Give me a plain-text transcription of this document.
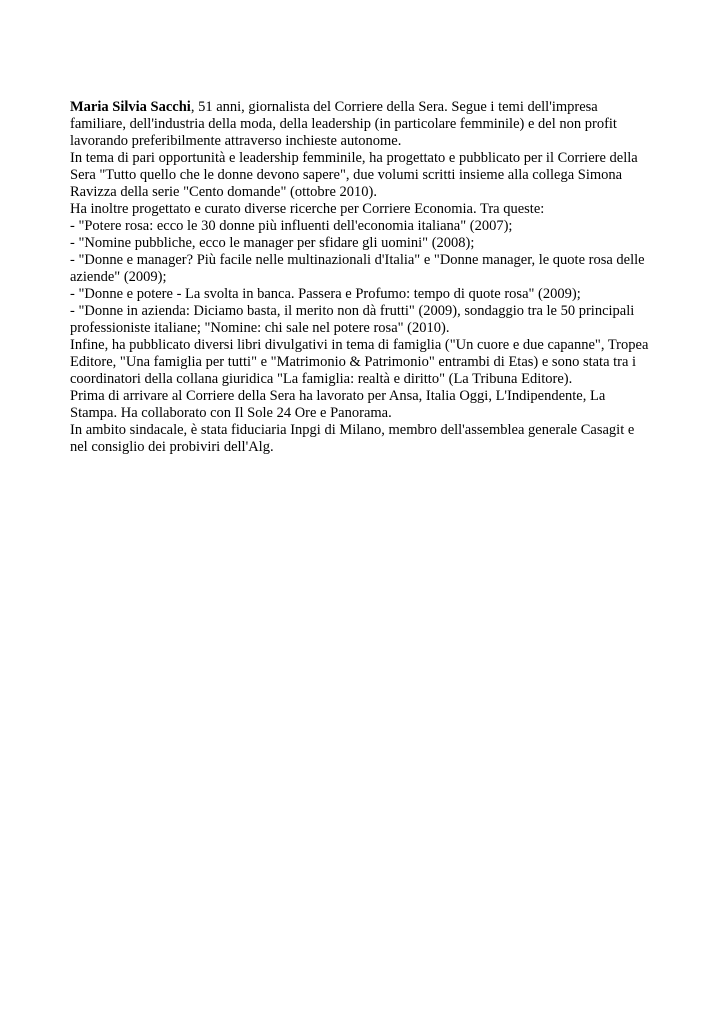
Maria Silvia Sacchi, 51 anni, giornalista del Corriere della Sera. Segue i temi dell'impresa
familiare, dell'industria della moda, della leadership (in particolare femminile) e del non profit
lavorando preferibilmente attraverso inchieste autonome.
In tema di pari opportunità e leadership femminile, ha progettato e pubblicato per il Corriere della
Sera "Tutto quello che le donne devono sapere", due volumi scritti insieme alla collega Simona
Ravizza della serie "Cento domande" (ottobre 2010).
Ha inoltre progettato e curato diverse ricerche per Corriere Economia. Tra queste:
- "Potere rosa: ecco le 30 donne più influenti dell'economia italiana" (2007);
- "Nomine pubbliche, ecco le manager per sfidare gli uomini" (2008);
- "Donne e manager? Più facile nelle multinazionali d'Italia" e "Donne manager, le quote rosa delle
aziende" (2009);
- "Donne e potere - La svolta in banca. Passera e Profumo: tempo di quote rosa" (2009);
- "Donne in azienda: Diciamo basta, il merito non dà frutti" (2009), sondaggio tra le 50 principali
professioniste italiane; "Nomine: chi sale nel potere rosa" (2010).
Infine, ha pubblicato diversi libri divulgativi in tema di famiglia ("Un cuore e due capanne", Tropea
Editore, "Una famiglia per tutti" e "Matrimonio & Patrimonio" entrambi di Etas) e sono stata tra i
coordinatori della collana giuridica "La famiglia: realtà e diritto" (La Tribuna Editore).
Prima di arrivare al Corriere della Sera ha lavorato per Ansa, Italia Oggi, L'Indipendente, La
Stampa. Ha collaborato con Il Sole 24 Ore e Panorama.
In ambito sindacale, è stata fiduciaria Inpgi di Milano, membro dell'assemblea generale Casagit e
nel consiglio dei probiviri dell'Alg.
